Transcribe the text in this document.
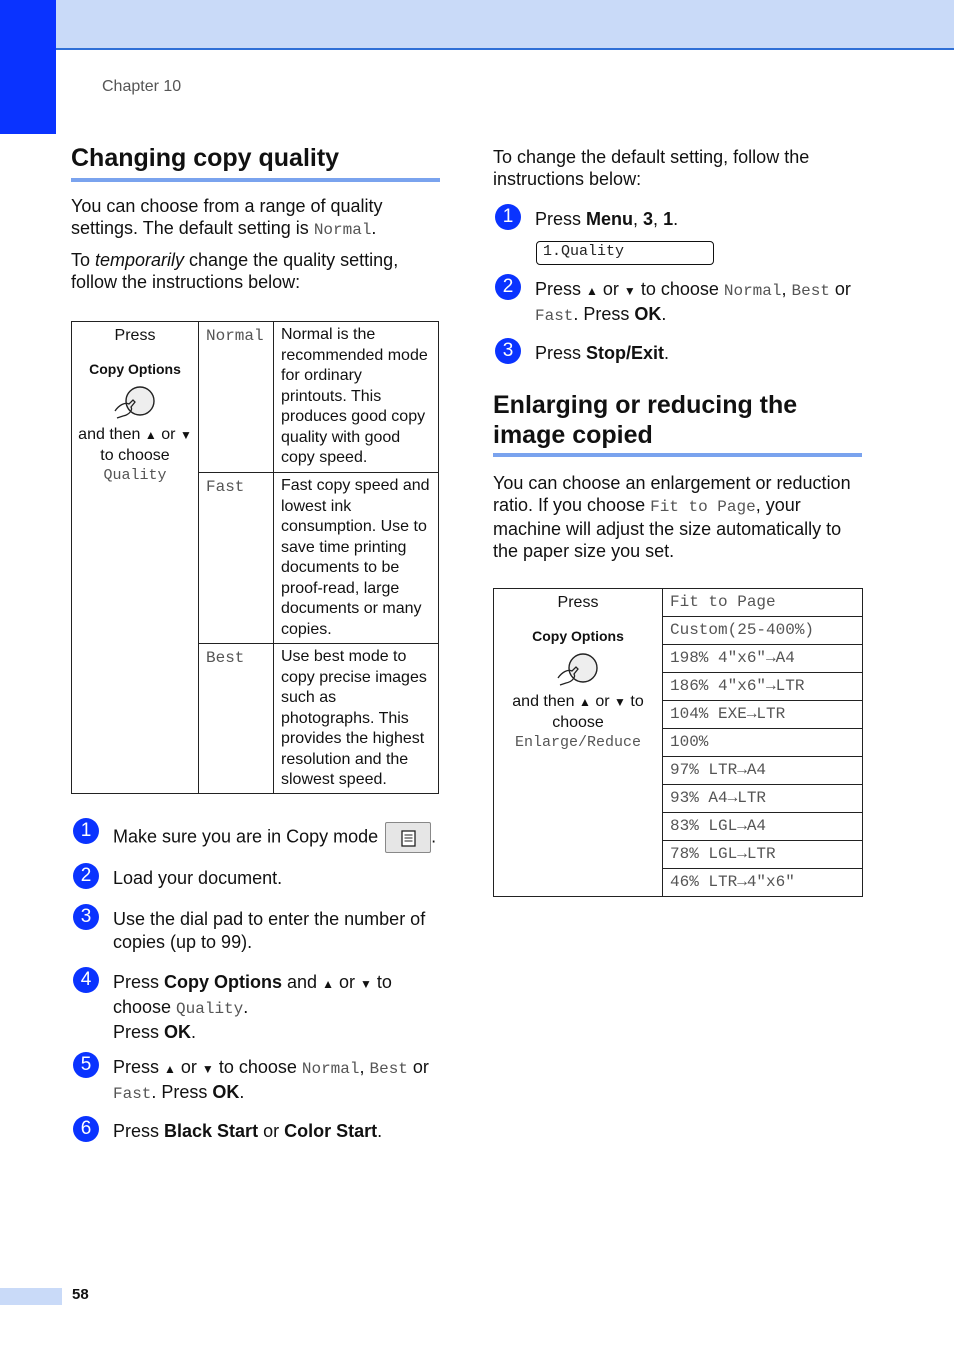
Chapter 10
Changing copy quality
You can choose from a range of quality settings. The default setting is Normal.
To temporarily change the quality setting, follow the instructions below:
Press
Copy Options
and then ▲ or ▼
to choose
Quality	Normal	Normal is the recommended mode for ordinary printouts. This produces good copy quality with good copy speed.
	Fast	Fast copy speed and lowest ink consumption. Use to save time printing documents to be proof-read, large documents or many copies.
	Best	Use best mode to copy precise images such as photographs. This provides the highest resolution and the slowest speed.
1	Make sure you are in Copy mode	.
2	Load your document.
3	Use the dial pad to enter the number of copies (up to 99).
4	Press Copy Options and ▲ or ▼ to
choose Quality.
Press OK.
5	Press ▲ or ▼ to choose Normal, Best or
Fast. Press OK.
6	Press Black Start or Color Start.
To change the default setting, follow the instructions below:
1	Press Menu, 3, 1.
1.Quality
2	Press ▲ or ▼ to choose Normal, Best or
Fast. Press OK.
3	Press Stop/Exit.
Enlarging or reducing the
image copied
You can choose an enlargement or reduction ratio. If you choose Fit to Page, your machine will adjust the size automatically to the paper size you set.
Press
Copy Options
and then ▲ or ▼ to
choose
Enlarge/Reduce
	Fit to Page
Custom(25-400%)
198% 4"x6"→A4
186% 4"x6"→LTR
104% EXE→LTR
100%
97% LTR→A4
93% A4→LTR
83% LGL→A4
78% LGL→LTR
46% LTR→4"x6"
58
